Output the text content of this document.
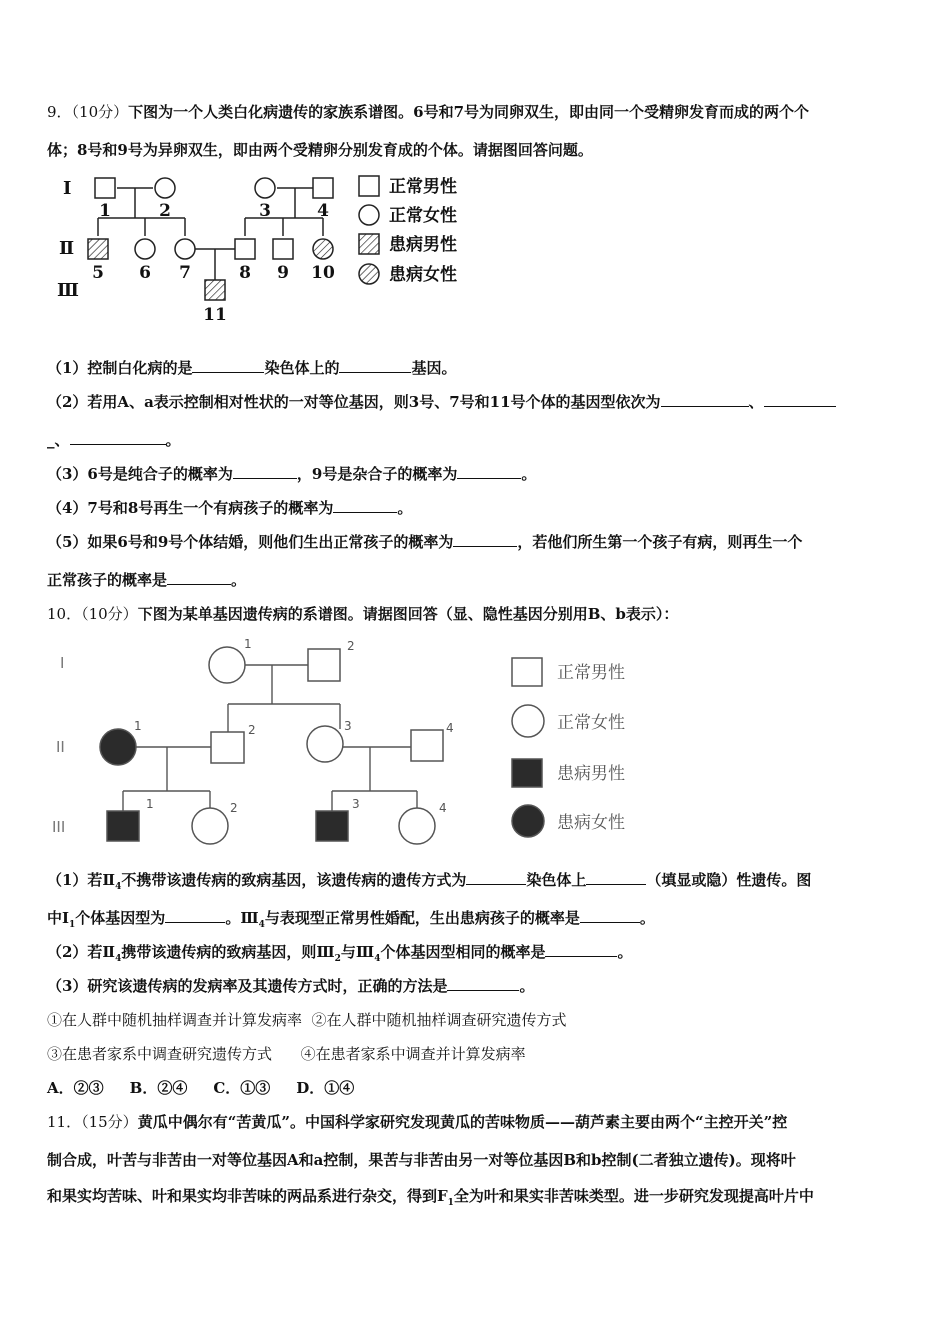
9．（10分）下图为一个人类白化病遗传的家族系谱图。6号和7号为同卵双生，即由同一个受精卵发育而成的两个个
体；8号和9号为异卵双生，即由两个受精卵分别发育成的个体。请据图回答问题。
Ⅰ
Ⅱ
Ⅲ
1	2	3	4
5 6 7	8 9 10
11
正常男性
正常女性
患病男性
患病女性
（1）控制白化病的是	染色体上的	基因。
（2）若用A、a表示控制相对性状的一对等位基因，则3号、7号和11号个体的基因型依次为	、
_、	。
（3）6号是纯合子的概率为	，9号是杂合子的概率为	。
（4）7号和8号再生一个有病孩子的概率为	。
（5）如果6号和9号个体结婚，则他们生出正常孩子的概率为	，若他们所生第一个孩子有病，则再生一个
正常孩子的概率是	。
10．（10分）下图为某单基因遗传病的系谱图。请据图回答（显、隐性基因分别用B、b表示）：
I
II
III
1	2
1	2	3	4
1	2	3	4
正常男性
正常女性
患病男性
患病女性
（1）若$Ⅱ_4$不携带该遗传病的致病基因，该遗传病的遗传方式为	染色体上	（填显或隐）性遗传。图
中$Ⅰ_1$个体基因型为	。$Ⅲ_4$与表现型正常男性婚配，生出患病孩子的概率是	。
（2）若$Ⅱ_4$携带该遗传病的致病基因，则$Ⅲ_2$与$Ⅲ_4$个体基因型相同的概率是	。
（3）研究该遗传病的发病率及其遗传方式时，正确的方法是	。
①在人群中随机抽样调查并计算发病率  ②在人群中随机抽样调查研究遗传方式
③在患者家系中调查研究遗传方式      ④在患者家系中调查并计算发病率
A．②③ B．②④ C．①③ D．①④
11．（15分）黄瓜中偶尔有“苦黄瓜”。中国科学家研究发现黄瓜的苦味物质——葫芦素主要由两个“主控开关”控
制合成，叶苦与非苦由一对等位基因A和a控制，果苦与非苦由另一对等位基因B和b控制(二者独立遗传)。现将叶
和果实均苦味、叶和果实均非苦味的两品系进行杂交，得到$F_1$全为叶和果实非苦味类型。进一步研究发现提高叶片中
